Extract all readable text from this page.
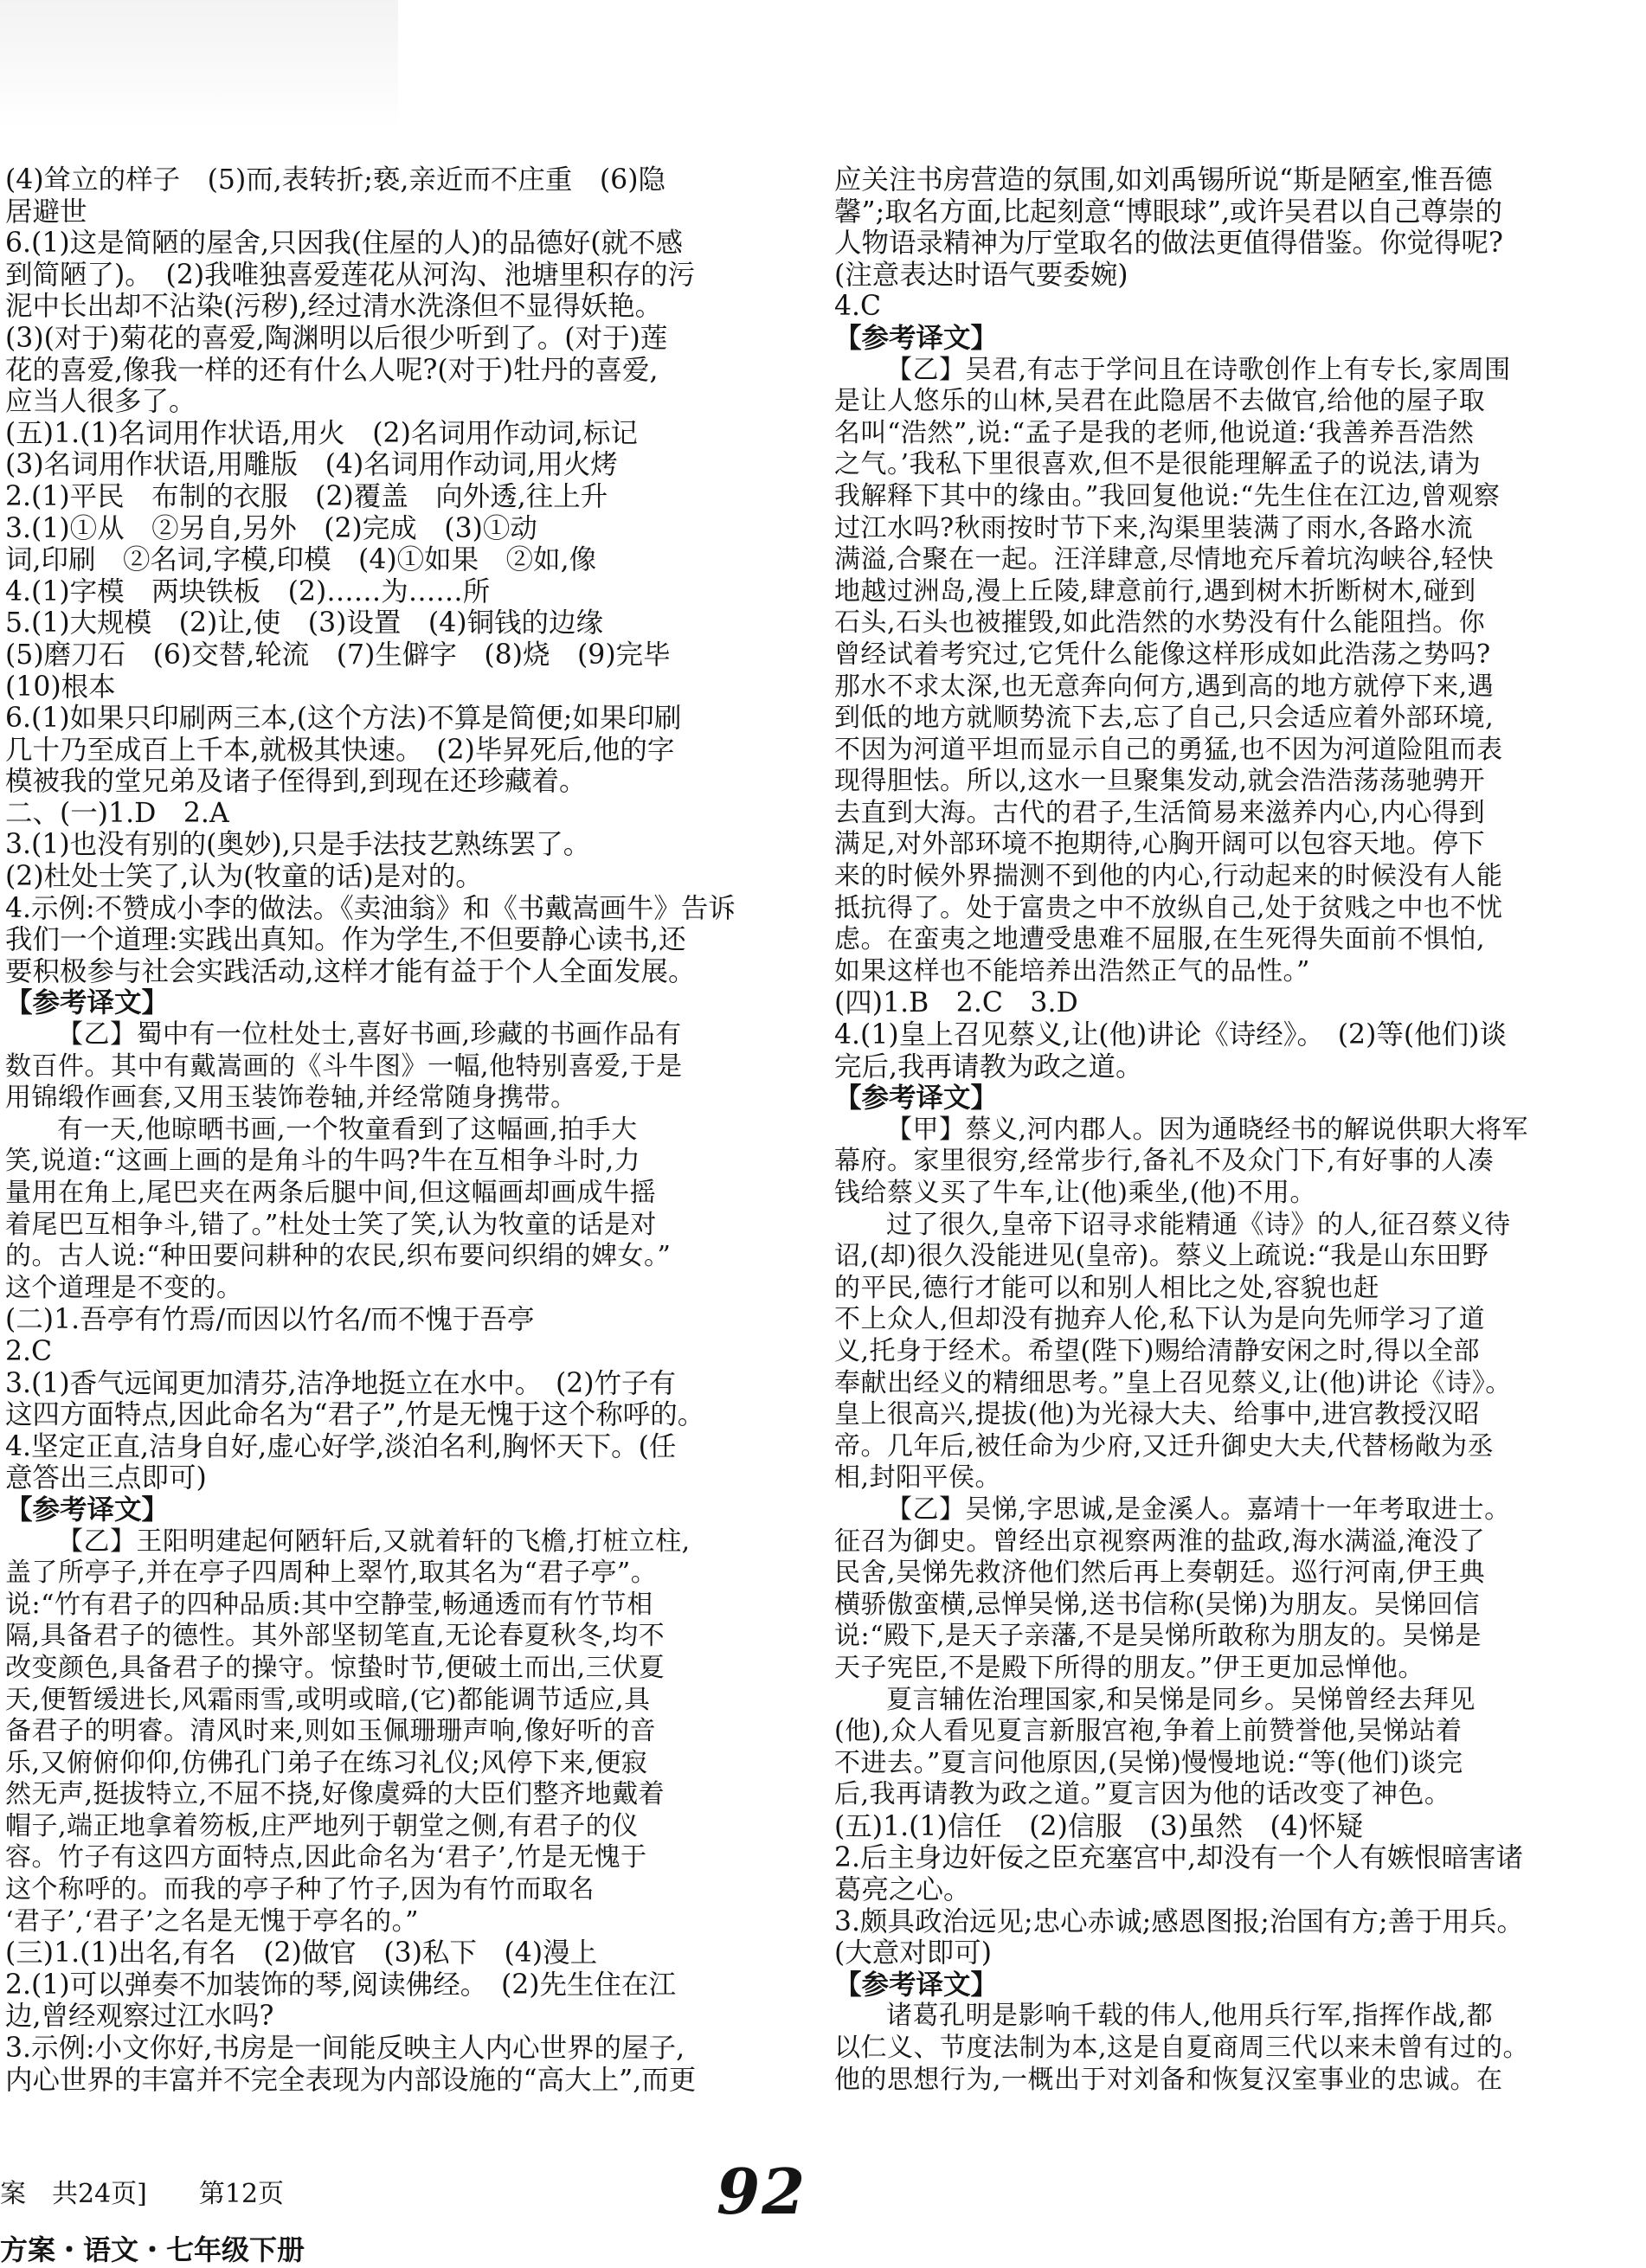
(4)耸立的样子　(5)而,表转折;亵,亲近而不庄重　(6)隐
居避世
6.(1)这是简陋的屋舍,只因我(住屋的人)的品德好(就不感
到简陋了)。　(2)我唯独喜爱莲花从河沟、池塘里积存的污
泥中长出却不沾染(污秽),经过清水洗涤但不显得妖艳。
(3)(对于)菊花的喜爱,陶渊明以后很少听到了。(对于)莲
花的喜爱,像我一样的还有什么人呢?(对于)牡丹的喜爱,
应当人很多了。
(五)1.(1)名词用作状语,用火　(2)名词用作动词,标记
(3)名词用作状语,用雕版　(4)名词用作动词,用火烤
2.(1)平民　布制的衣服　(2)覆盖　向外透,往上升
3.(1)①从　②另自,另外　(2)完成　(3)①动
词,印刷　②名词,字模,印模　(4)①如果　②如,像
4.(1)字模　两块铁板　(2)……为……所
5.(1)大规模　(2)让,使　(3)设置　(4)铜钱的边缘
(5)磨刀石　(6)交替,轮流　(7)生僻字　(8)烧　(9)完毕
(10)根本
6.(1)如果只印刷两三本,(这个方法)不算是简便;如果印刷
几十乃至成百上千本,就极其快速。　(2)毕昇死后,他的字
模被我的堂兄弟及诸子侄得到,到现在还珍藏着。
二、(一)1.D　2.A
3.(1)也没有别的(奥妙),只是手法技艺熟练罢了。
(2)杜处士笑了,认为(牧童的话)是对的。
4.示例:不赞成小李的做法。《卖油翁》和《书戴嵩画牛》告诉
我们一个道理:实践出真知。作为学生,不但要静心读书,还
要积极参与社会实践活动,这样才能有益于个人全面发展。
【参考译文】
【乙】蜀中有一位杜处士,喜好书画,珍藏的书画作品有
数百件。其中有戴嵩画的《斗牛图》一幅,他特别喜爱,于是
用锦缎作画套,又用玉装饰卷轴,并经常随身携带。
有一天,他晾晒书画,一个牧童看到了这幅画,拍手大
笑,说道:“这画上画的是角斗的牛吗?牛在互相争斗时,力
量用在角上,尾巴夹在两条后腿中间,但这幅画却画成牛摇
着尾巴互相争斗,错了。”杜处士笑了笑,认为牧童的话是对
的。古人说:“种田要问耕种的农民,织布要问织绢的婢女。”
这个道理是不变的。
(二)1.吾亭有竹焉/而因以竹名/而不愧于吾亭
2.C
3.(1)香气远闻更加清芬,洁净地挺立在水中。　(2)竹子有
这四方面特点,因此命名为“君子”,竹是无愧于这个称呼的。
4.坚定正直,洁身自好,虚心好学,淡泊名利,胸怀天下。(任
意答出三点即可)
【参考译文】
【乙】王阳明建起何陋轩后,又就着轩的飞檐,打桩立柱,
盖了所亭子,并在亭子四周种上翠竹,取其名为“君子亭”。
说:“竹有君子的四种品质:其中空静莹,畅通透而有竹节相
隔,具备君子的德性。其外部坚韧笔直,无论春夏秋冬,均不
改变颜色,具备君子的操守。惊蛰时节,便破土而出,三伏夏
天,便暂缓进长,风霜雨雪,或明或暗,(它)都能调节适应,具
备君子的明睿。清风时来,则如玉佩珊珊声响,像好听的音
乐,又俯俯仰仰,仿佛孔门弟子在练习礼仪;风停下来,便寂
然无声,挺拔特立,不屈不挠,好像虞舜的大臣们整齐地戴着
帽子,端正地拿着笏板,庄严地列于朝堂之侧,有君子的仪
容。竹子有这四方面特点,因此命名为‘君子’,竹是无愧于
这个称呼的。而我的亭子种了竹子,因为有竹而取名
‘君子’,‘君子’之名是无愧于亭名的。”
(三)1.(1)出名,有名　(2)做官　(3)私下　(4)漫上
2.(1)可以弹奏不加装饰的琴,阅读佛经。　(2)先生住在江
边,曾经观察过江水吗?
3.示例:小文你好,书房是一间能反映主人内心世界的屋子,
内心世界的丰富并不完全表现为内部设施的“高大上”,而更
应关注书房营造的氛围,如刘禹锡所说“斯是陋室,惟吾德
馨”;取名方面,比起刻意“博眼球”,或许吴君以自己尊崇的
人物语录精神为厅堂取名的做法更值得借鉴。你觉得呢?
(注意表达时语气要委婉)
4.C
【参考译文】
【乙】吴君,有志于学问且在诗歌创作上有专长,家周围
是让人悠乐的山林,吴君在此隐居不去做官,给他的屋子取
名叫“浩然”,说:“孟子是我的老师,他说道:‘我善养吾浩然
之气。’我私下里很喜欢,但不是很能理解孟子的说法,请为
我解释下其中的缘由。”我回复他说:“先生住在江边,曾观察
过江水吗?秋雨按时节下来,沟渠里装满了雨水,各路水流
满溢,合聚在一起。汪洋肆意,尽情地充斥着坑沟峡谷,轻快
地越过洲岛,漫上丘陵,肆意前行,遇到树木折断树木,碰到
石头,石头也被摧毁,如此浩然的水势没有什么能阻挡。你
曾经试着考究过,它凭什么能像这样形成如此浩荡之势吗?
那水不求太深,也无意奔向何方,遇到高的地方就停下来,遇
到低的地方就顺势流下去,忘了自己,只会适应着外部环境,
不因为河道平坦而显示自己的勇猛,也不因为河道险阻而表
现得胆怯。所以,这水一旦聚集发动,就会浩浩荡荡驰骋开
去直到大海。古代的君子,生活简易来滋养内心,内心得到
满足,对外部环境不抱期待,心胸开阔可以包容天地。停下
来的时候外界揣测不到他的内心,行动起来的时候没有人能
抵抗得了。处于富贵之中不放纵自己,处于贫贱之中也不忧
虑。在蛮夷之地遭受患难不屈服,在生死得失面前不惧怕,
如果这样也不能培养出浩然正气的品性。”
(四)1.B　2.C　3.D
4.(1)皇上召见蔡义,让(他)讲论《诗经》。　(2)等(他们)谈
完后,我再请教为政之道。
【参考译文】
【甲】蔡义,河内郡人。因为通晓经书的解说供职大将军
幕府。家里很穷,经常步行,备礼不及众门下,有好事的人凑
钱给蔡义买了牛车,让(他)乘坐,(他)不用。
过了很久,皇帝下诏寻求能精通《诗》的人,征召蔡义待
诏,(却)很久没能进见(皇帝)。蔡义上疏说:“我是山东田野
的平民,德行才能可以和别人相比之处,容貌也赶
不上众人,但却没有抛弃人伦,私下认为是向先师学习了道
义,托身于经术。希望(陛下)赐给清静安闲之时,得以全部
奉献出经义的精细思考。”皇上召见蔡义,让(他)讲论《诗》。
皇上很高兴,提拔(他)为光禄大夫、给事中,进宫教授汉昭
帝。几年后,被任命为少府,又迁升御史大夫,代替杨敞为丞
相,封阳平侯。
【乙】吴悌,字思诚,是金溪人。嘉靖十一年考取进士。
征召为御史。曾经出京视察两淮的盐政,海水满溢,淹没了
民舍,吴悌先救济他们然后再上奏朝廷。巡行河南,伊王典
横骄傲蛮横,忌惮吴悌,送书信称(吴悌)为朋友。吴悌回信
说:“殿下,是天子亲藩,不是吴悌所敢称为朋友的。吴悌是
天子宪臣,不是殿下所得的朋友。”伊王更加忌惮他。
夏言辅佐治理国家,和吴悌是同乡。吴悌曾经去拜见
(他),众人看见夏言新服宫袍,争着上前赞誉他,吴悌站着
不进去。”夏言问他原因,(吴悌)慢慢地说:“等(他们)谈完
后,我再请教为政之道。”夏言因为他的话改变了神色。
(五)1.(1)信任　(2)信服　(3)虽然　(4)怀疑
2.后主身边奸佞之臣充塞宫中,却没有一个人有嫉恨暗害诸
葛亮之心。
3.颇具政治远见;忠心赤诚;感恩图报;治国有方;善于用兵。
(大意对即可)
【参考译文】
诸葛孔明是影响千载的伟人,他用兵行军,指挥作战,都
以仁义、节度法制为本,这是自夏商周三代以来未曾有过的。
他的思想行为,一概出于对刘备和恢复汉室事业的忠诚。在
案　共24页]　　第12页
方案・语文・七年级下册
92
